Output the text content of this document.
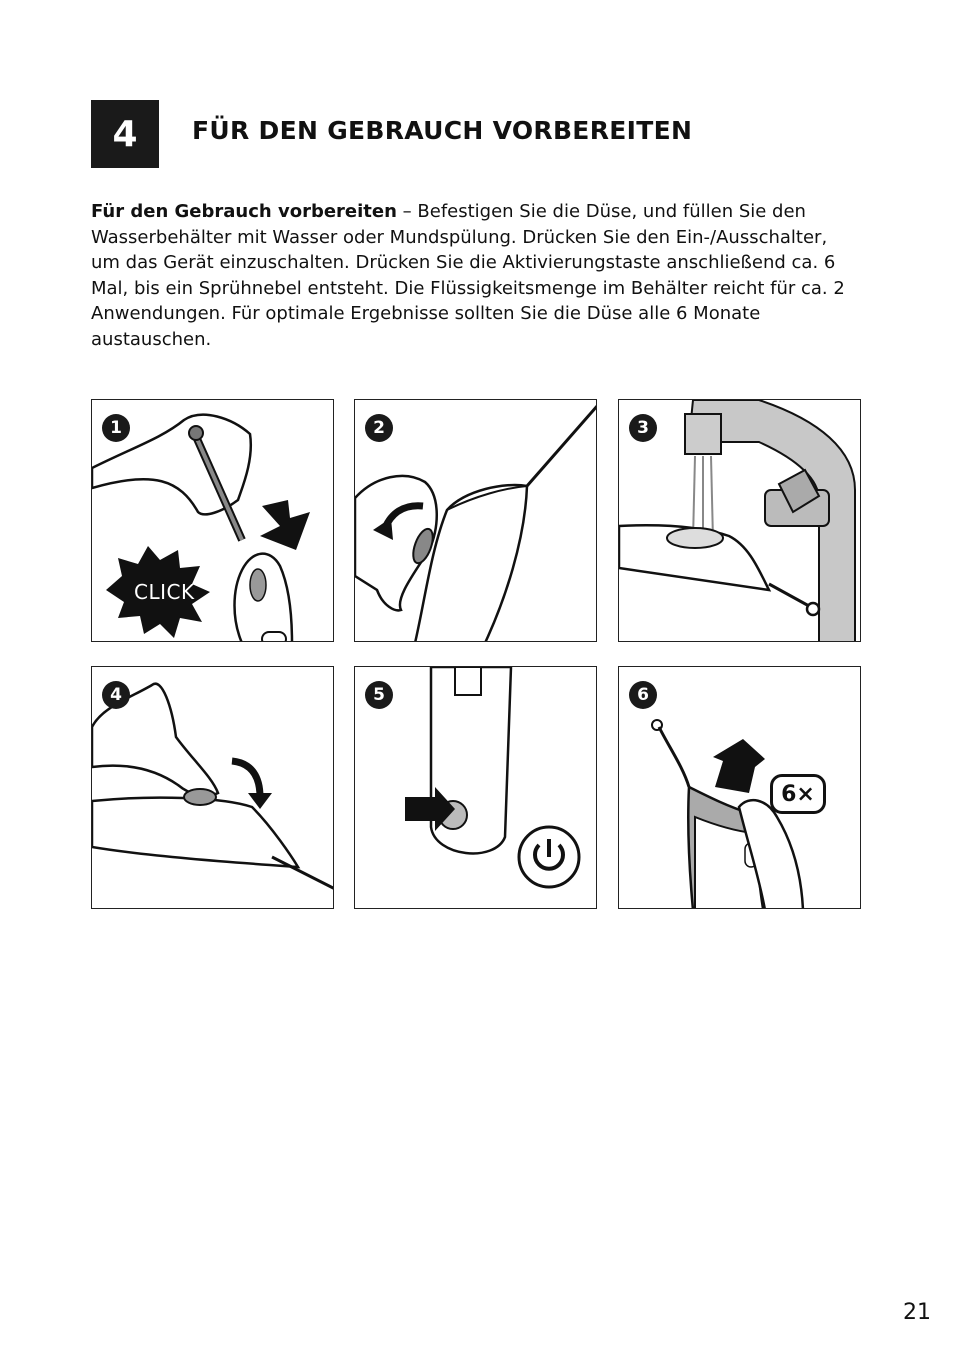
4 FÜR DEN GEBRAUCH VORBEREITEN
Für den Gebrauch vorbereiten – Befestigen Sie die Düse, und füllen Sie den Wasserbehälter mit Wasser oder Mundspülung. Drücken Sie den Ein-/Ausschalter, um das Gerät einzuschalten. Drücken Sie die Aktivierungstaste anschließend ca. 6 Mal, bis ein Sprühnebel entsteht. Die Flüssigkeitsmenge im Behälter reicht für ca. 2 Anwendungen. Für optimale Ergebnisse sollten Sie die Düse alle 6 Monate austauschen.
1
CLICK
2	3
4	5	6
6×
21
